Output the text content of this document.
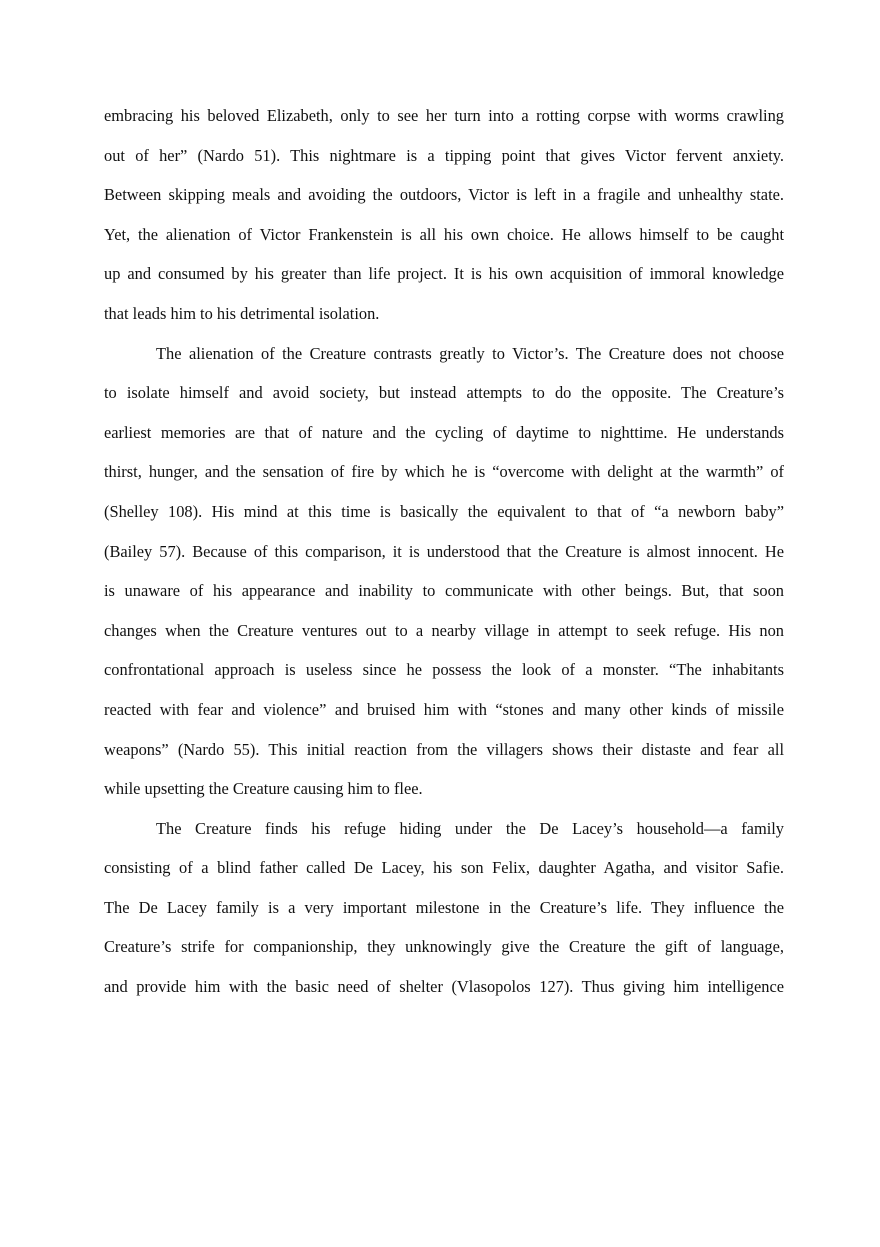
embracing his beloved Elizabeth, only to see her turn into a rotting corpse with worms crawling
out of her” (Nardo 51). This nightmare is a tipping point that gives Victor fervent anxiety.
Between skipping meals and avoiding the outdoors, Victor is left in a fragile and unhealthy state.
Yet, the alienation of Victor Frankenstein is all his own choice. He allows himself to be caught
up and consumed by his greater than life project. It is his own acquisition of immoral knowledge
that leads him to his detrimental isolation.
The alienation of the Creature contrasts greatly to Victor’s. The Creature does not choose
to isolate himself and avoid society, but instead attempts to do the opposite. The Creature’s
earliest memories are that of nature and the cycling of daytime to nighttime. He understands
thirst, hunger, and the sensation of fire by which he is “overcome with delight at the warmth” of
(Shelley 108). His mind at this time is basically the equivalent to that of “a newborn baby”
(Bailey 57). Because of this comparison, it is understood that the Creature is almost innocent. He
is unaware of his appearance and inability to communicate with other beings. But, that soon
changes when the Creature ventures out to a nearby village in attempt to seek refuge. His non
confrontational approach is useless since he possess the look of a monster. “The inhabitants
reacted with fear and violence” and bruised him with “stones and many other kinds of missile
weapons” (Nardo 55). This initial reaction from the villagers shows their distaste and fear all
while upsetting the Creature causing him to flee.
The Creature finds his refuge hiding under the De Lacey’s household—a family
consisting of a blind father called De Lacey, his son Felix, daughter Agatha, and visitor Safie.
The De Lacey family is a very important milestone in the Creature’s life. They influence the
Creature’s strife for companionship, they unknowingly give the Creature the gift of language,
and provide him with the basic need of shelter (Vlasopolos 127). Thus giving him intelligence
